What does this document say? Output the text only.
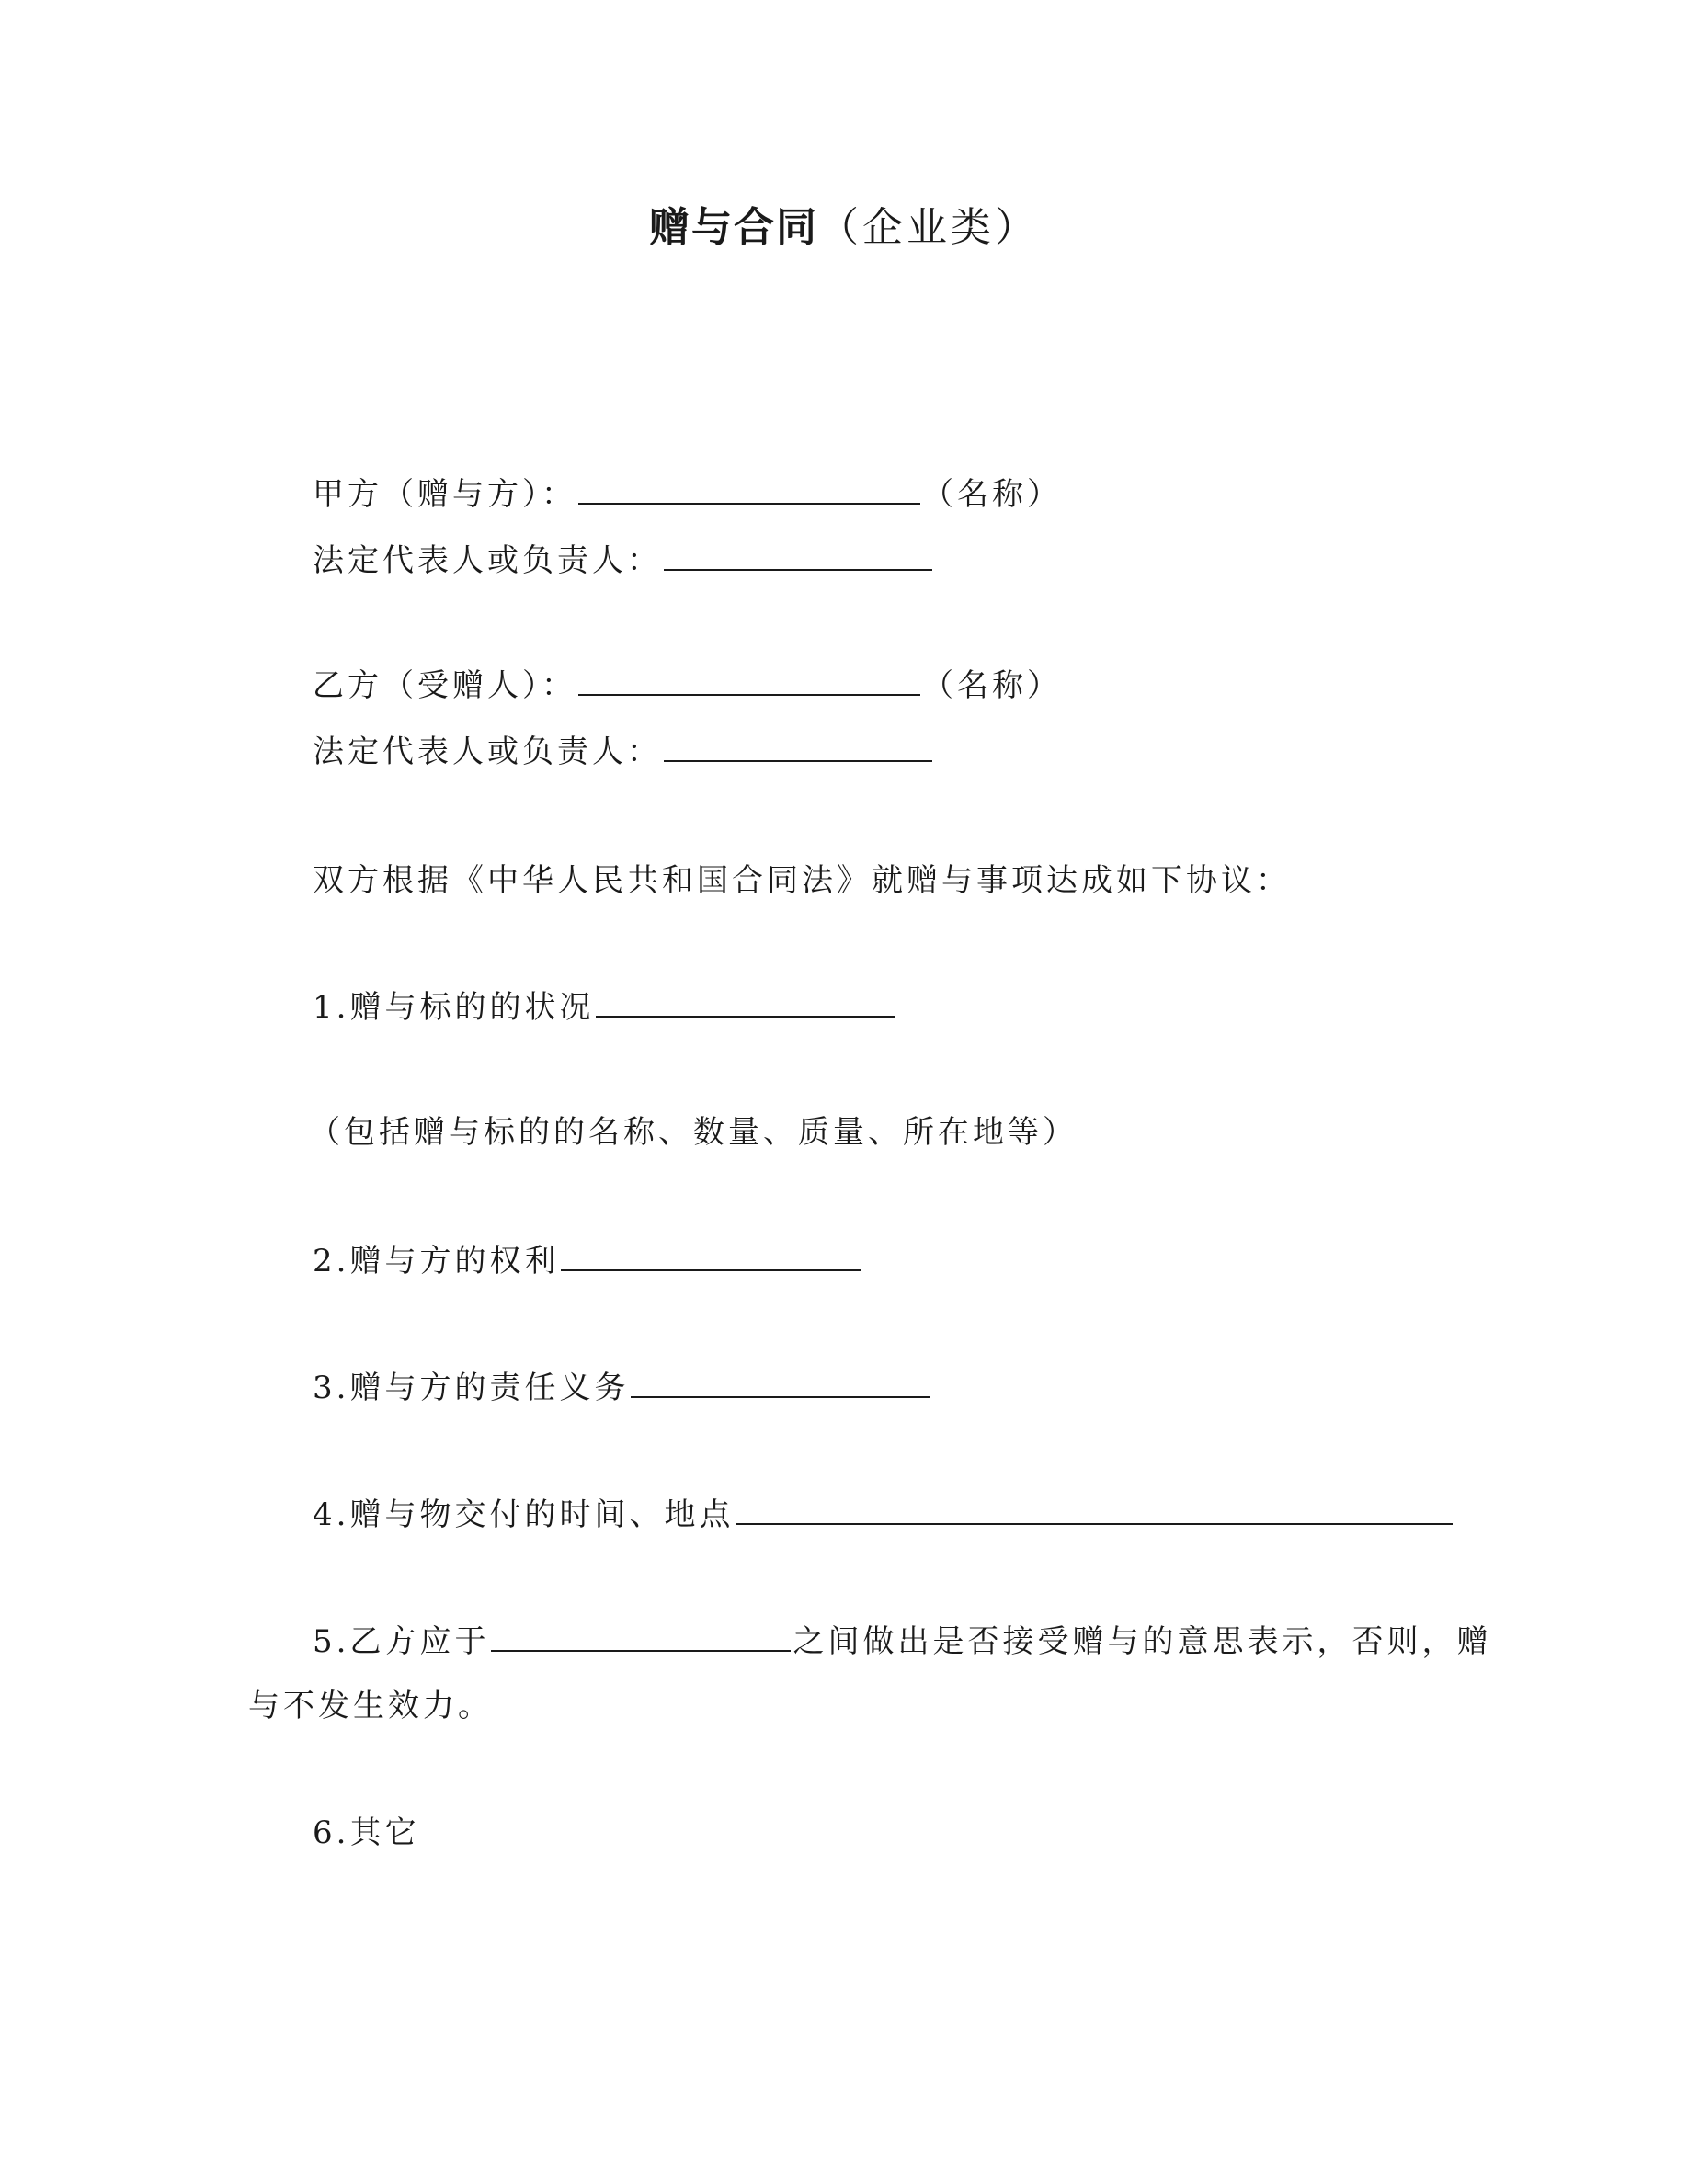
赠与合同（企业类）
甲方（赠与方）：	（名称）
法定代表人或负责人：
乙方（受赠人）：	（名称）
法定代表人或负责人：
双方根据《中华人民共和国合同法》就赠与事项达成如下协议：
1.赠与标的的状况
（包括赠与标的的名称、数量、质量、所在地等）
2.赠与方的权利
3.赠与方的责任义务
4.赠与物交付的时间、地点
5.乙方应于	之间做出是否接受赠与的意思表示，否则，赠
与不发生效力。
6.其它
